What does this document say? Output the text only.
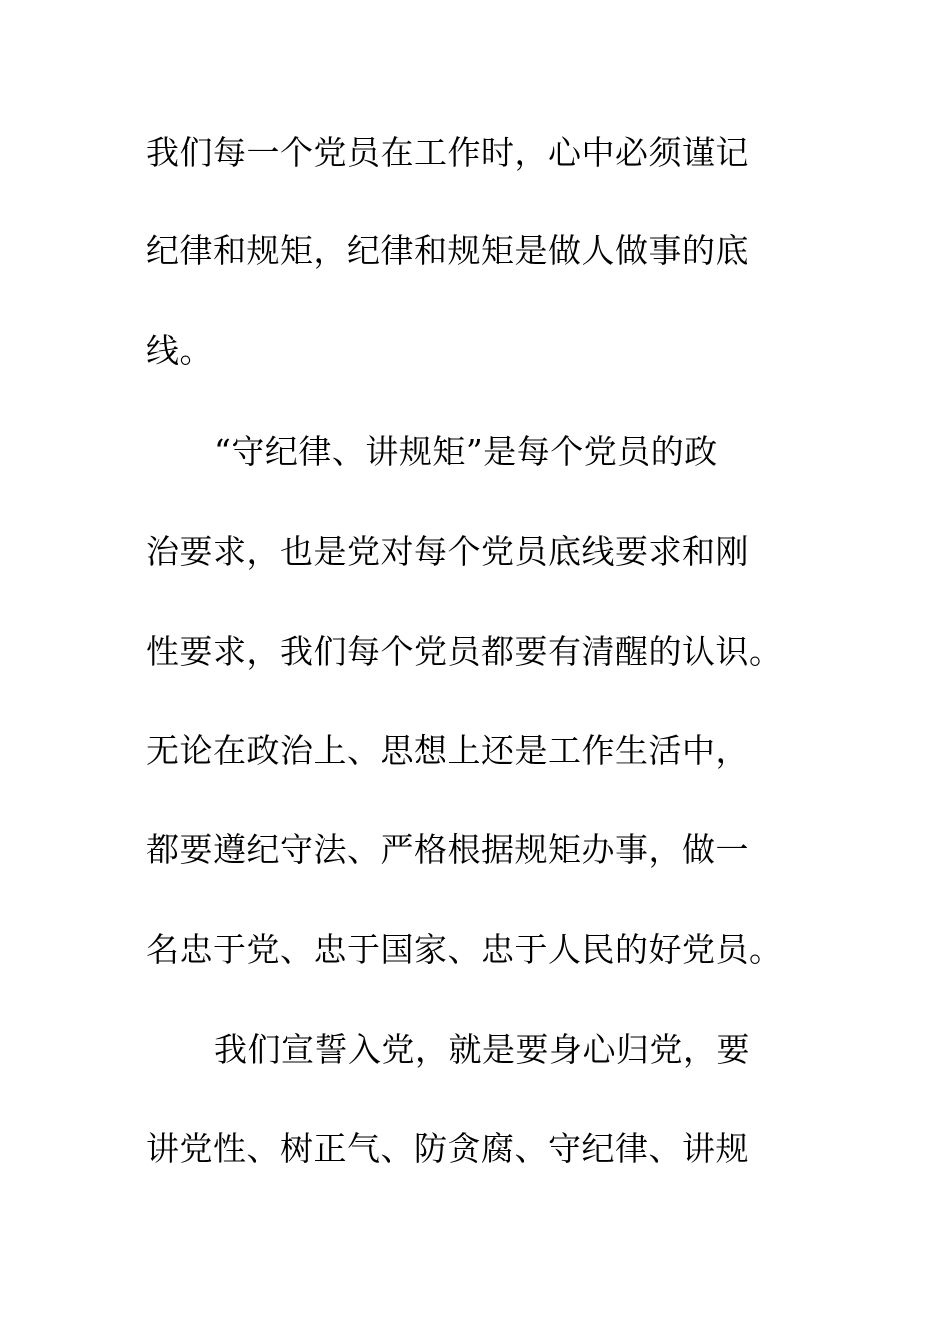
我们每一个党员在工作时，心中必须谨记

纪律和规矩，纪律和规矩是做人做事的底

线。

“守纪律、讲规矩”是每个党员的政

治要求，也是党对每个党员底线要求和刚

性要求，我们每个党员都要有清醒的认识。

无论在政治上、思想上还是工作生活中，

都要遵纪守法、严格根据规矩办事，做一

名忠于党、忠于国家、忠于人民的好党员。

我们宣誓入党，就是要身心归党，要

讲党性、树正气、防贪腐、守纪律、讲规
